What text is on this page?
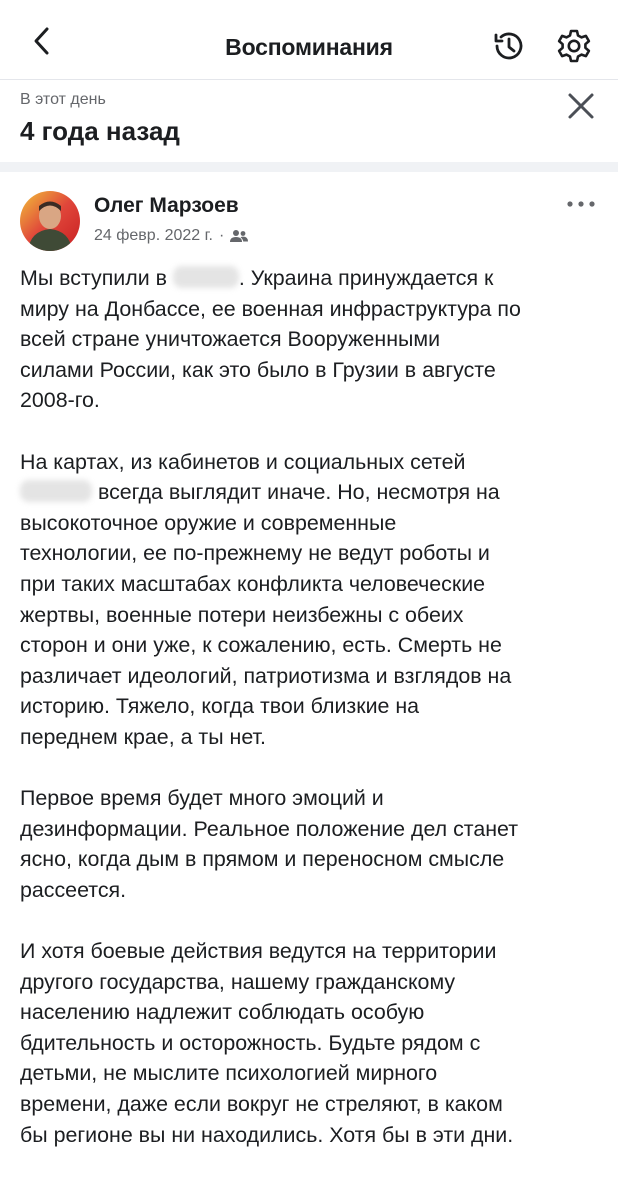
Воспоминания
В этот день
4 года назад
Олег Марзоев
24 февр. 2022 г. ·

Мы вступили в	. Украина принуждается к
миру на Донбассе, ее военная инфраструктура по
всей стране уничтожается Вооруженными
силами России, как это было в Грузии в августе
2008-го.

На картах, из кабинетов и социальных сетей
всегда выглядит иначе. Но, несмотря на
высокоточное оружие и современные
технологии, ее по-прежнему не ведут роботы и
при таких масштабах конфликта человеческие
жертвы, военные потери неизбежны с обеих
сторон и они уже, к сожалению, есть. Смерть не
различает идеологий, патриотизма и взглядов на
историю. Тяжело, когда твои близкие на
переднем крае, а ты нет.

Первое время будет много эмоций и
дезинформации. Реальное положение дел станет
ясно, когда дым в прямом и переносном смысле
рассеется.

И хотя боевые действия ведутся на территории
другого государства, нашему гражданскому
населению надлежит соблюдать особую
бдительность и осторожность. Будьте рядом с
детьми, не мыслите психологией мирного
времени, даже если вокруг не стреляют, в каком
бы регионе вы ни находились. Хотя бы в эти дни.
